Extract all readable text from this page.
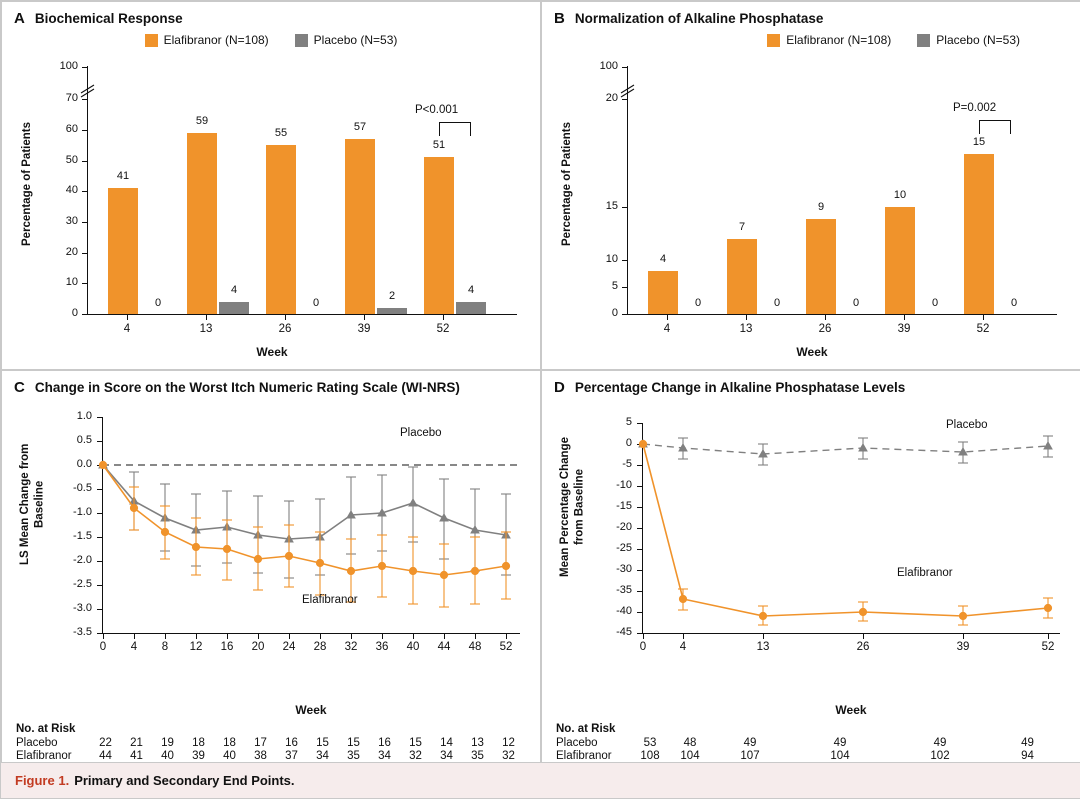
A Biochemical Response
Elafibranor (N=108)	Placebo (N=53)
Percentage of Patients
100
70
60
50
40
30
20
10
0
41
0
59
4
55
0
57
2
51
4
P<0.001
4	13	26	39	52
Week
B Normalization of Alkaline Phosphatase
Elafibranor (N=108)	Placebo (N=53)
Percentage of Patients
100
20
15
10
5
0
4
0
7
0
9
0
10
0
15
0
P=0.002
4	13	26	39	52
Week
C Change in Score on the Worst Itch Numeric Rating Scale (WI-NRS)
LS Mean Change from Baseline
1.0
0.5
0.0
-0.5
-1.0
-1.5
-2.0
-2.5
-3.0
-3.5
Placebo
Elafibranor
0	4	8	12	16	20	24	28	32	36	40	44	48	52
Week
No. at Risk
Placebo	22	21	19	18	18	17	16	15	15	16	15	14	13	12
Elafibranor	44	41	40	39	40	38	37	34	35	34	32	34	35	32
D Percentage Change in Alkaline Phosphatase Levels
Mean Percentage Change from Baseline
5
0
-5
-10
-15
-20
-25
-30
-35
-40
-45
Placebo
Elafibranor
0	4	13	26	39	52
Week
No. at Risk
Placebo	53	48	49	49	49	49
Elafibranor	108	104	107	104	102	94
Figure 1. Primary and Secondary End Points.
